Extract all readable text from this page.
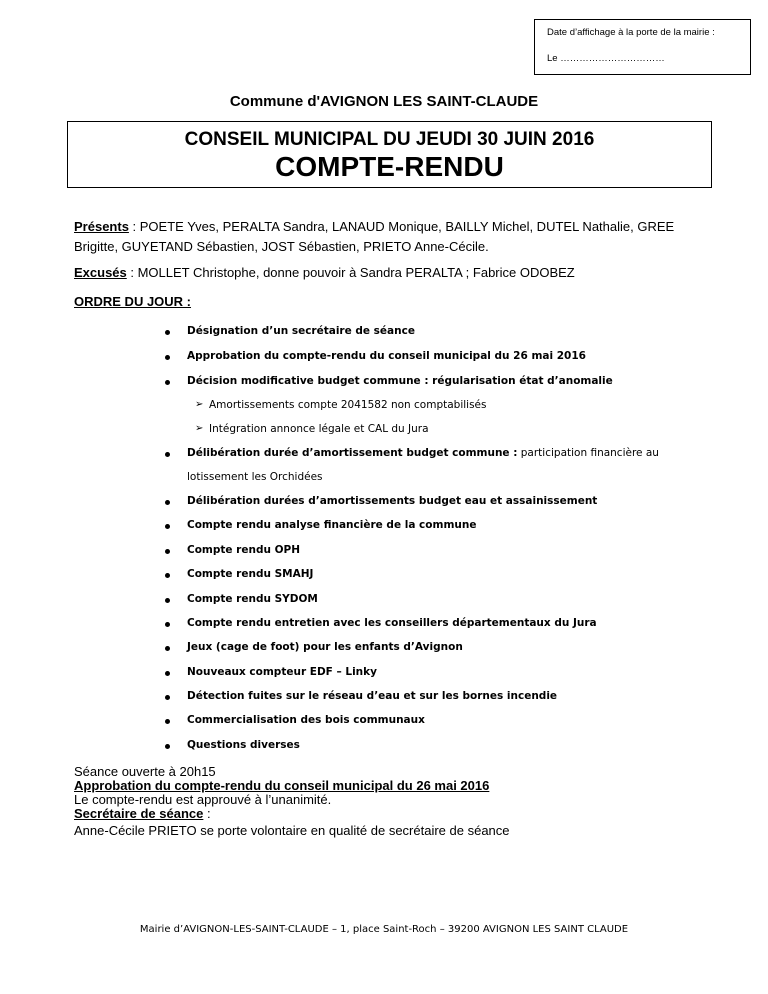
Date d’affichage à la porte de la mairie :
Le ……………………………
Commune d'AVIGNON LES SAINT-CLAUDE
CONSEIL MUNICIPAL DU JEUDI 30 JUIN 2016
COMPTE-RENDU
Présents : POETE Yves, PERALTA Sandra, LANAUD Monique, BAILLY Michel, DUTEL Nathalie, GREE Brigitte, GUYETAND Sébastien, JOST Sébastien, PRIETO Anne-Cécile.
Excusés : MOLLET Christophe, donne pouvoir à Sandra PERALTA ; Fabrice ODOBEZ
ORDRE DU JOUR :
Désignation d’un secrétaire de séance
Approbation du compte-rendu du conseil municipal du 26 mai 2016
Décision modificative budget commune : régularisation état d’anomalie
➢ Amortissements compte 2041582 non comptabilisés
➢ Intégration annonce légale et CAL du Jura
Délibération durée d’amortissement budget commune : participation financière au
lotissement les Orchidées
Délibération durées d’amortissements budget eau et assainissement
Compte rendu analyse financière de la commune
Compte rendu OPH
Compte rendu SMAHJ
Compte rendu SYDOM
Compte rendu entretien avec les conseillers départementaux du Jura
Jeux (cage de foot) pour les enfants d’Avignon
Nouveaux compteur EDF – Linky
Détection fuites sur le réseau d’eau et sur les bornes incendie
Commercialisation des bois communaux
Questions diverses
Séance ouverte à 20h15
Approbation du compte-rendu du conseil municipal du 26 mai 2016
Le compte-rendu est approuvé à l’unanimité.
Secrétaire de séance :
Anne-Cécile PRIETO se porte volontaire en qualité de secrétaire de séance
Mairie d’AVIGNON-LES-SAINT-CLAUDE – 1, place Saint-Roch – 39200 AVIGNON LES SAINT CLAUDE
